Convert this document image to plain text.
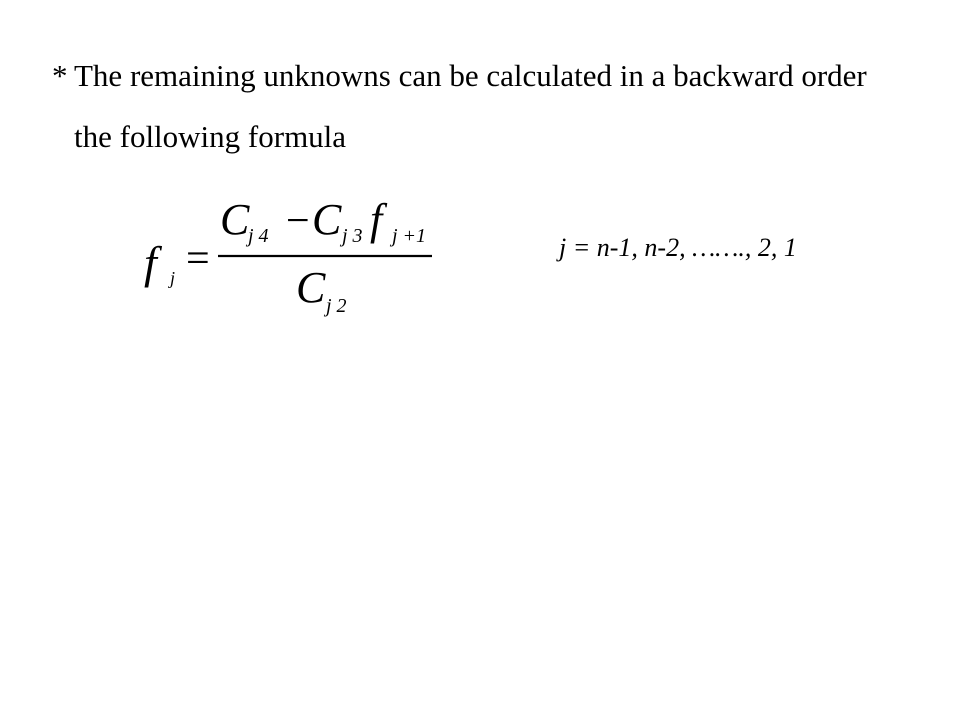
* The remaining unknowns can be calculated in a backward order
the following formula
f j =
C
j 4 − C j 3 f j +1
C j 2
j = n-1, n-2, ……., 2, 1
